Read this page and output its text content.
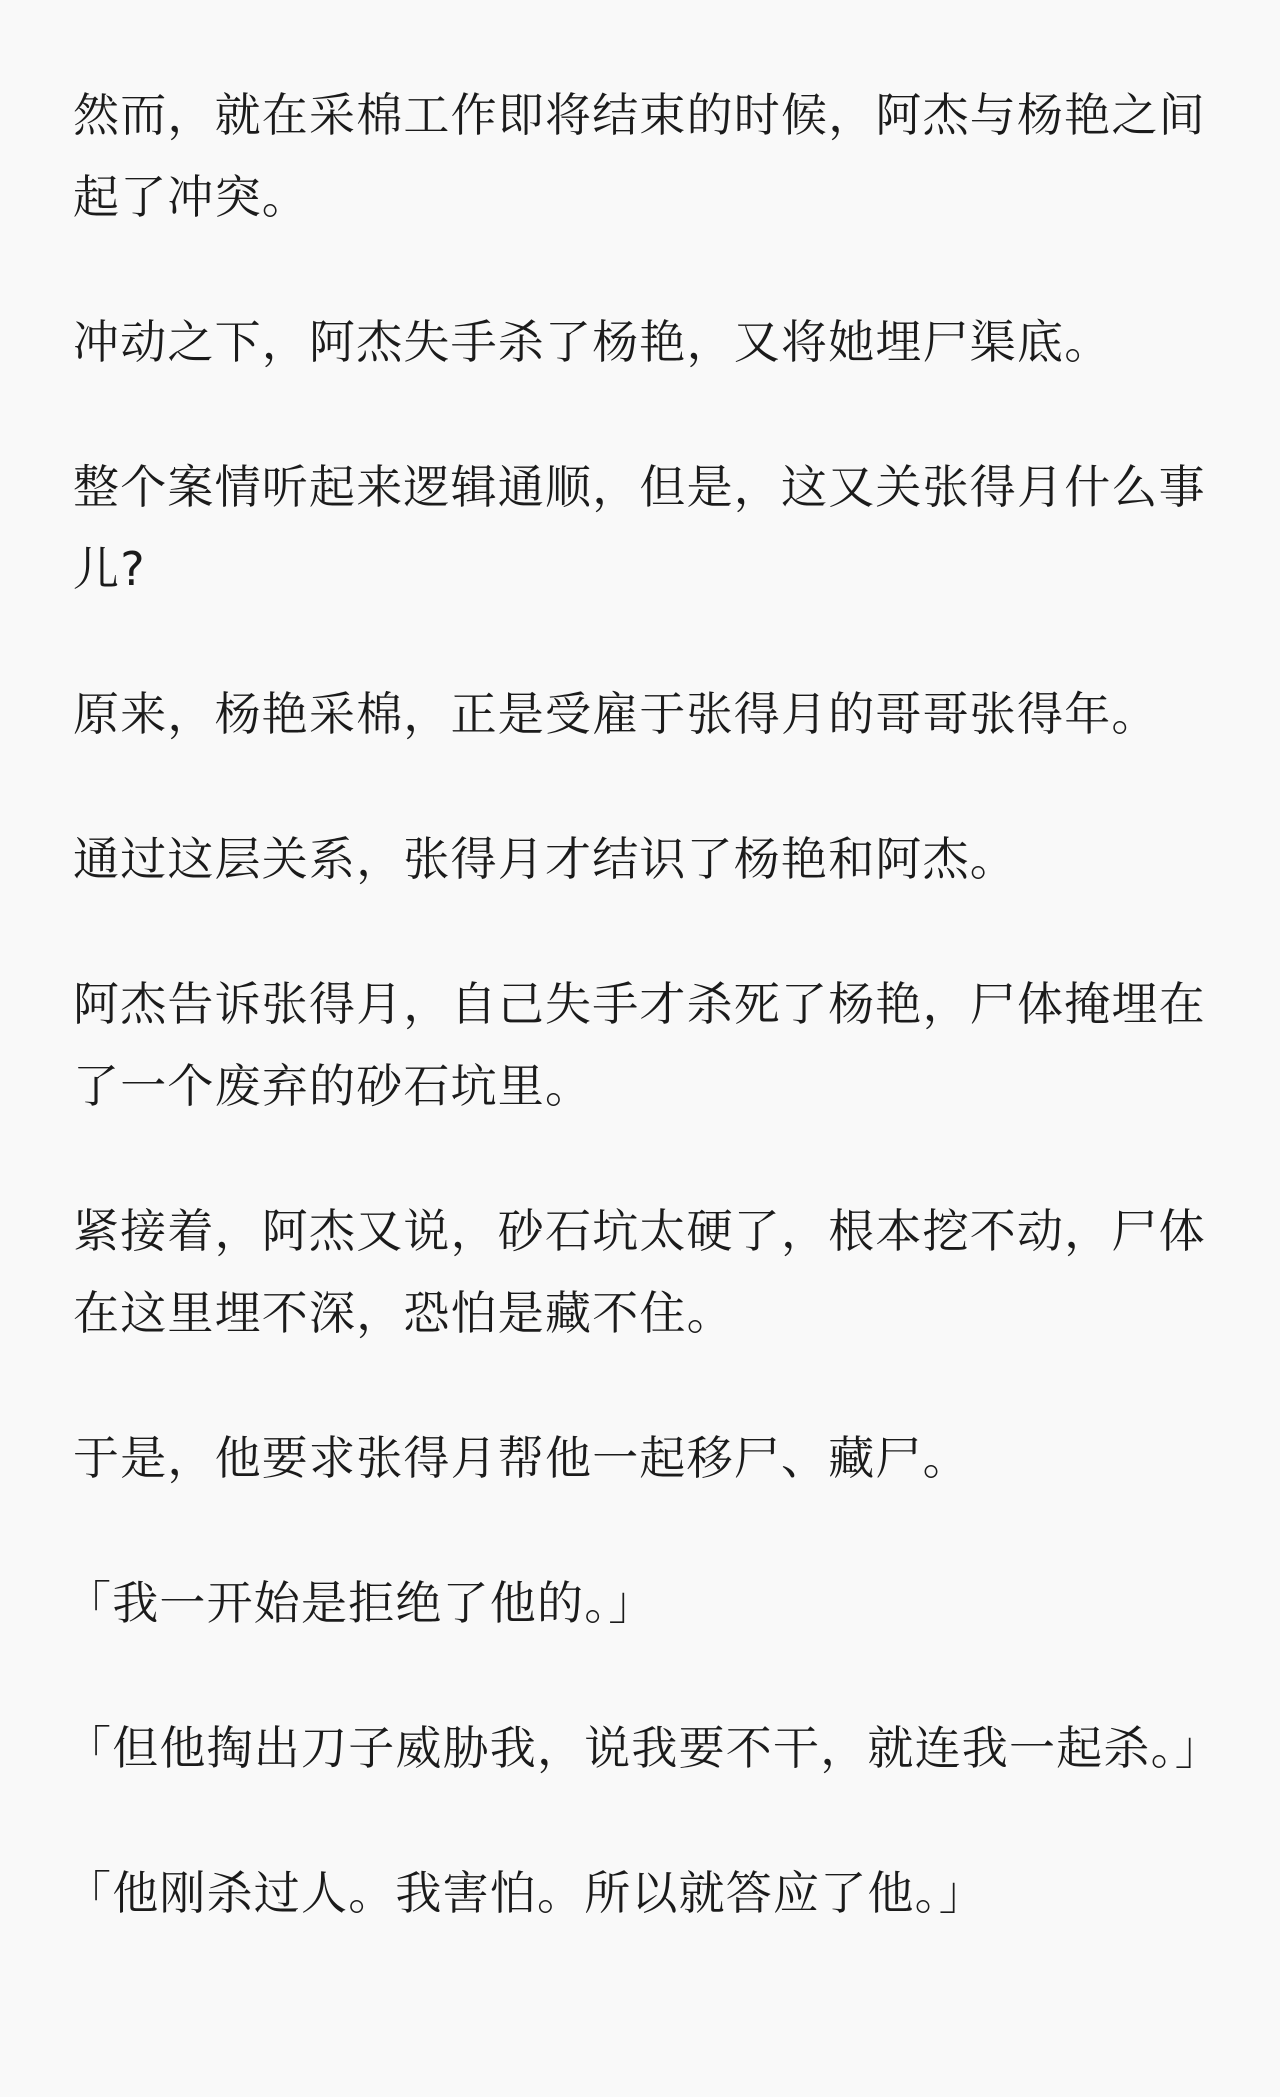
然而，就在采棉工作即将结束的时候，阿杰与杨艳之间起了冲突。

冲动之下，阿杰失手杀了杨艳，又将她埋尸渠底。

整个案情听起来逻辑通顺，但是，这又关张得月什么事儿?

原来，杨艳采棉，正是受雇于张得月的哥哥张得年。

通过这层关系，张得月才结识了杨艳和阿杰。

阿杰告诉张得月，自己失手才杀死了杨艳，尸体掩埋在了一个废弃的砂石坑里。

紧接着，阿杰又说，砂石坑太硬了，根本挖不动，尸体在这里埋不深，恐怕是藏不住。

于是，他要求张得月帮他一起移尸、藏尸。

「我一开始是拒绝了他的。」

「但他掏出刀子威胁我，说我要不干，就连我一起杀。」

「他刚杀过人。我害怕。所以就答应了他。」
